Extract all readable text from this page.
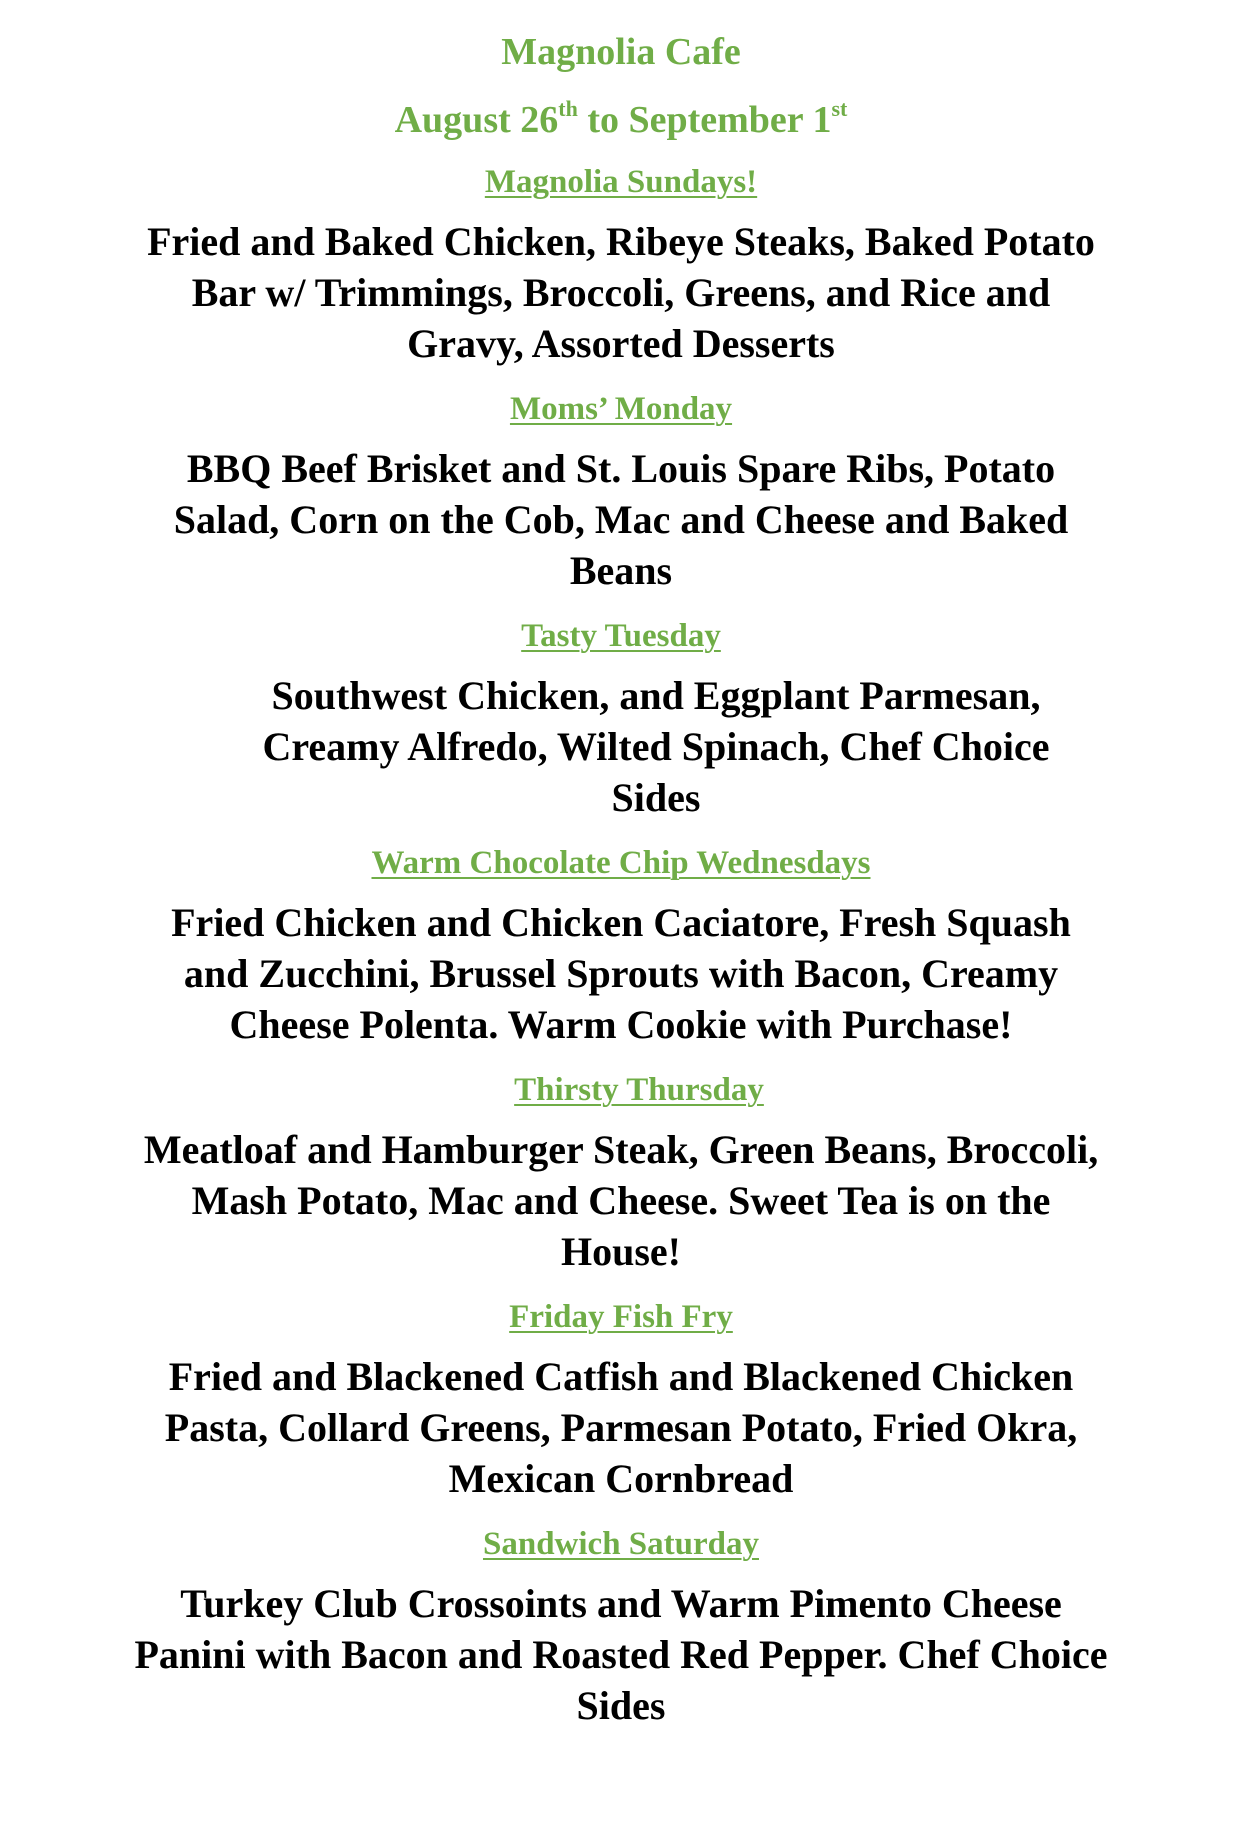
Magnolia Cafe
August 26th to September 1st

Magnolia Sundays!

Fried and Baked Chicken, Ribeye Steaks, Baked Potato Bar w/ Trimmings, Broccoli, Greens, and Rice and Gravy, Assorted Desserts

Moms’ Monday

BBQ Beef Brisket and St. Louis Spare Ribs, Potato Salad, Corn on the Cob, Mac and Cheese and Baked Beans

Tasty Tuesday

Southwest Chicken, and Eggplant Parmesan, Creamy Alfredo, Wilted Spinach, Chef Choice Sides

Warm Chocolate Chip Wednesdays

Fried Chicken and Chicken Caciatore, Fresh Squash and Zucchini, Brussel Sprouts with Bacon, Creamy Cheese Polenta. Warm Cookie with Purchase!

Thirsty Thursday

Meatloaf and Hamburger Steak, Green Beans, Broccoli, Mash Potato, Mac and Cheese. Sweet Tea is on the House!

Friday Fish Fry

Fried and Blackened Catfish and Blackened Chicken Pasta, Collard Greens, Parmesan Potato, Fried Okra, Mexican Cornbread

Sandwich Saturday

Turkey Club Crossoints and Warm Pimento Cheese Panini with Bacon and Roasted Red Pepper. Chef Choice Sides
